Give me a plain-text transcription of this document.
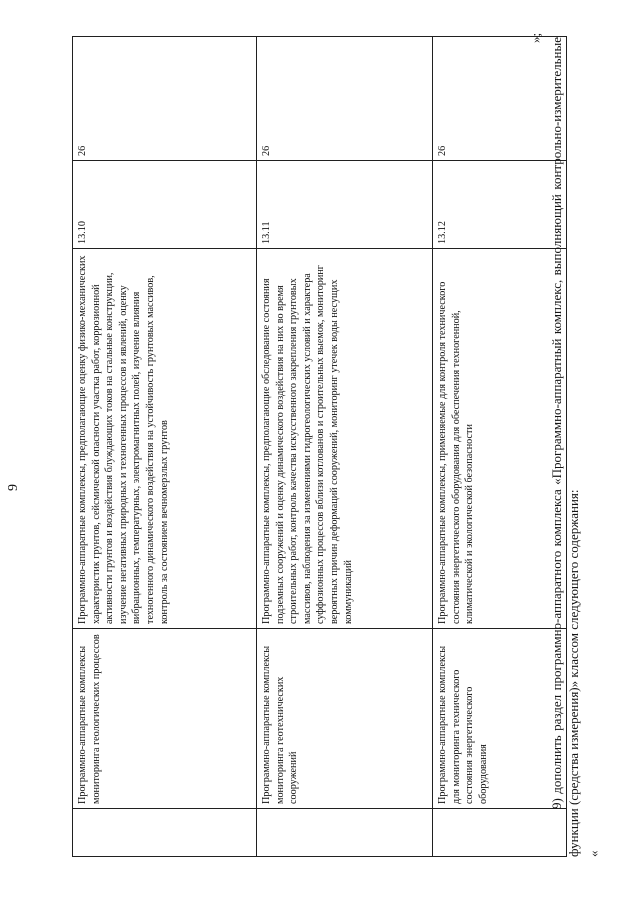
9
	Программно-аппаратные комплексы мониторинга геологических процессов	Программно-аппаратные комплексы, предполагающие оценку физико-механических характеристик грунтов, сейсмической опасности участка работ, коррозионной активности грунтов и воздействия блуждающих токов на стальные конструкции, изучение негативных природных и техногенных процессов и явлений, оценку вибрационных, температурных, электромагнитных полей, изучение влияния техногенного динамического воздействия на устойчивость грунтовых массивов, контроль за состоянием вечномерзлых грунтов	13.10	26
	Программно-аппаратные комплексы мониторинга геотехнических сооружений	Программно-аппаратные комплексы, предполагающие обследование состояния подземных сооружений и оценку динамического воздействия на них во время строительных работ, контроль качества искусственного закрепления грунтовых массивов, наблюдения за изменениями гидрогеологических условий и характера суффозионных процессов вблизи котлованов и строительных выемок, мониторинг вероятных причин деформаций сооружений, мониторинг утечек воды несущих коммуникаций	13.11	26
	Программно-аппаратные комплексы для мониторинга технического состояния энергетического оборудования	Программно-аппаратные комплексы, применяемые для контроля технического состояния энергетического оборудования для обеспечения техногенной, климатической и экологической безопасности	13.12	26
»; 9) дополнить раздел программно-аппаратного комплекса «Программно-аппаратный комплекс, выполняющий контрольно-измерительные функции (средства измерения)» классом следующего содержания: «
